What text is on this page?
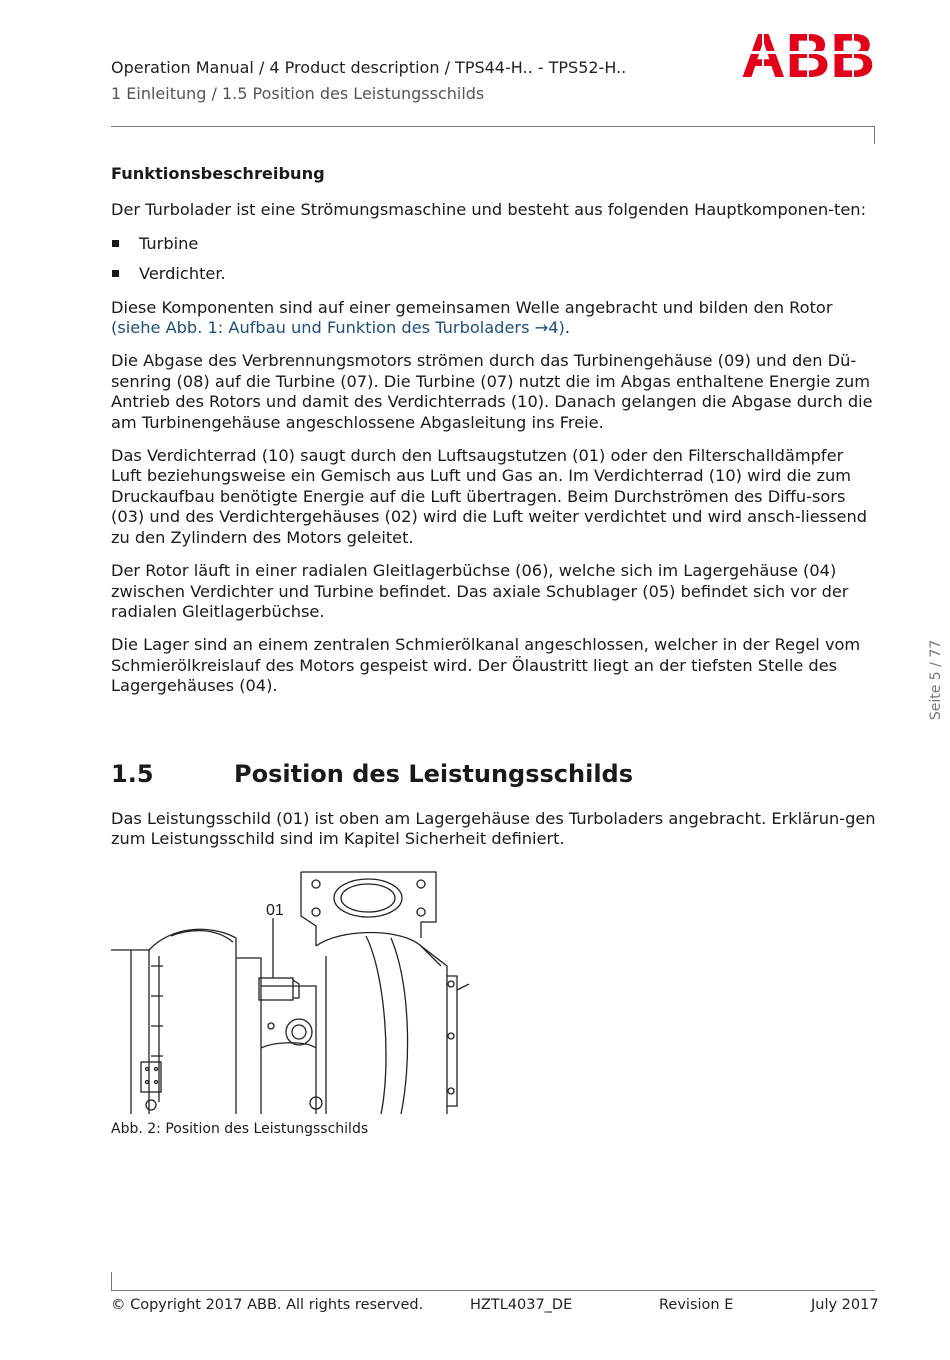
Operation Manual / 4 Product description / TPS44-H.. - TPS52-H..
1 Einleitung / 1.5 Position des Leistungsschilds
Funktionsbeschreibung

Der Turbolader ist eine Strömungsmaschine und besteht aus folgenden Hauptkomponen-ten:

Turbine
Verdichter.

Diese Komponenten sind auf einer gemeinsamen Welle angebracht und bilden den Rotor
(siehe Abb. 1: Aufbau und Funktion des Turboladers →4).

Die Abgase des Verbrennungsmotors strömen durch das Turbinengehäuse (09) und den Dü-senring (08) auf die Turbine (07). Die Turbine (07) nutzt die im Abgas enthaltene Energie zum Antrieb des Rotors und damit des Verdichterrads (10). Danach gelangen die Abgase durch die am Turbinengehäuse angeschlossene Abgasleitung ins Freie.

Das Verdichterrad (10) saugt durch den Luftsaugstutzen (01) oder den Filterschalldämpfer Luft beziehungsweise ein Gemisch aus Luft und Gas an. Im Verdichterrad (10) wird die zum Druckaufbau benötigte Energie auf die Luft übertragen. Beim Durchströmen des Diffu-sors (03) und des Verdichtergehäuses (02) wird die Luft weiter verdichtet und wird ansch-liessend zu den Zylindern des Motors geleitet.

Der Rotor läuft in einer radialen Gleitlagerbüchse (06), welche sich im Lagergehäuse (04) zwischen Verdichter und Turbine befindet. Das axiale Schublager (05) befindet sich vor der radialen Gleitlagerbüchse.

Die Lager sind an einem zentralen Schmierölkanal angeschlossen, welcher in der Regel vom Schmierölkreislauf des Motors gespeist wird. Der Ölaustritt liegt an der tiefsten Stelle des Lagergehäuses (04).

1.5	Position des Leistungsschilds

Das Leistungsschild (01) ist oben am Lagergehäuse des Turboladers angebracht. Erklärun-gen zum Leistungsschild sind im Kapitel Sicherheit definiert.

01
Abb. 2: Position des Leistungsschilds
Seite 5 / 77
© Copyright 2017 ABB. All rights reserved.	HZTL4037_DE	Revision E	July 2017
